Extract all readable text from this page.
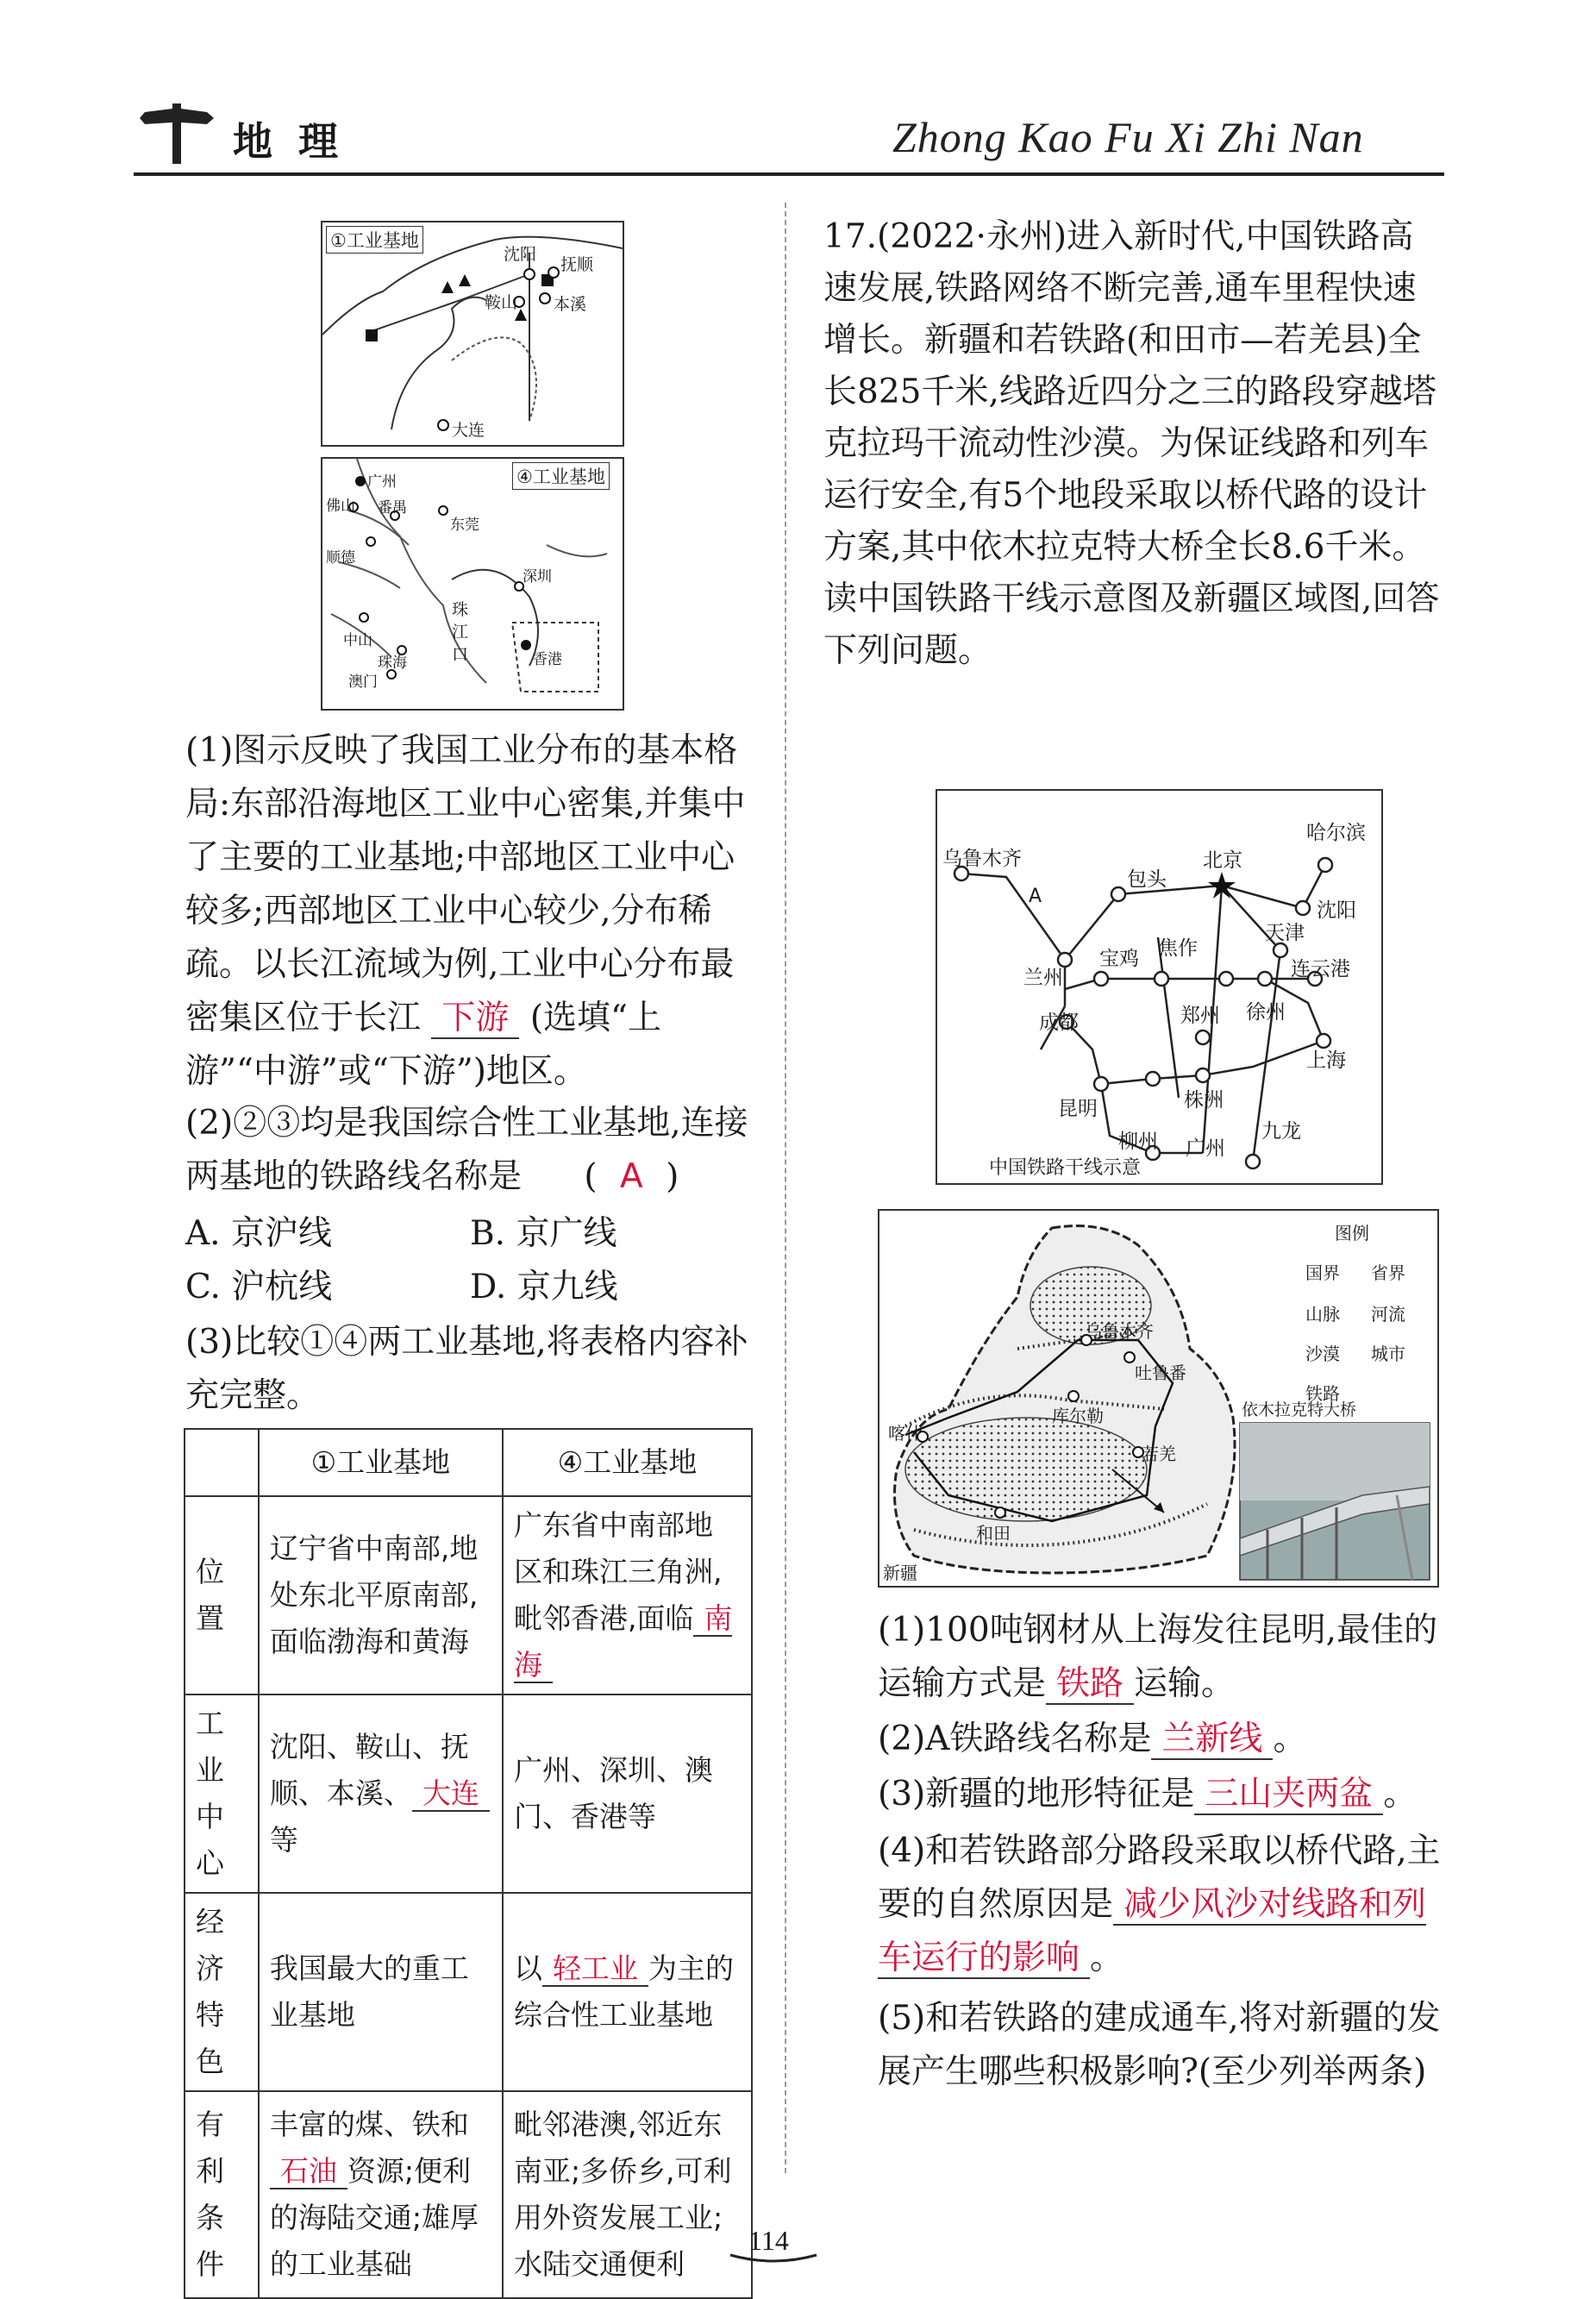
地理	Zhong Kao Fu Xi Zhi Nan
①工业基地
沈阳
抚顺
鞍山 本溪
大连
④工业基地
广州
佛山 番禺
东莞
顺德
深圳
中山
珠海
澳门
香港
珠
江
口
(1)图示反映了我国工业分布的基本格局:东部沿海地区工业中心密集,并集中了主要的工业基地;中部地区工业中心较多;西部地区工业中心较少,分布稀疏。以长江流域为例,工业中心分布最密集区位于长江 下游 (选填“上游”“中游”或“下游”)地区。
(2)②③均是我国综合性工业基地,连接两基地的铁路线名称是 ( A )
A. 京沪线	B. 京广线
C. 沪杭线	D. 京九线
(3)比较①④两工业基地,将表格内容补充完整。
	①工业基地	④工业基地
位置	辽宁省中南部,地处东北平原南部,面临渤海和黄海	广东省中南部地区和珠江三角洲,毗邻香港,面临 南海
工业中心	沈阳、鞍山、抚顺、本溪、 大连等	广州、深圳、澳门、香港等
经济特色	我国最大的重工业基地	以 轻工业 为主的综合性工业基地
有利条件	丰富的煤、铁和石油 资源;便利的海陆交通;雄厚的工业基础	毗邻港澳,邻近东南亚;多侨乡,可利用外资发展工业;水陆交通便利
17.(2022·永州)进入新时代,中国铁路高速发展,铁路网络不断完善,通车里程快速增长。新疆和若铁路(和田市—若羌县)全长825千米,线路近四分之三的路段穿越塔克拉玛干流动性沙漠。为保证线路和列车运行安全,有5个地段采取以桥代路的设计方案,其中依木拉克特大桥全长8.6千米。读中国铁路干线示意图及新疆区域图,回答下列问题。
乌鲁木齐
哈尔滨
包头
北京
沈阳
天津
兰州
宝鸡 焦作
连云港
成都	郑州 徐州
上海
昆明	株洲
柳州 广州
九龙
A
中国铁路干线示意
图例
国界 省界
山脉 河流
沙漠 城市
铁路
乌鲁木齐
吐鲁番
库尔勒
喀什
和田
若羌
新疆
依木拉克特大桥
(1)100吨钢材从上海发往昆明,最佳的运输方式是 铁路 运输。
(2)A铁路线名称是 兰新线 。
(3)新疆的地形特征是 三山夹两盆 。
(4)和若铁路部分路段采取以桥代路,主要的自然原因是 减少风沙对线路和列车运行的影响 。
(5)和若铁路的建成通车,将对新疆的发展产生哪些积极影响?(至少列举两条)
114
